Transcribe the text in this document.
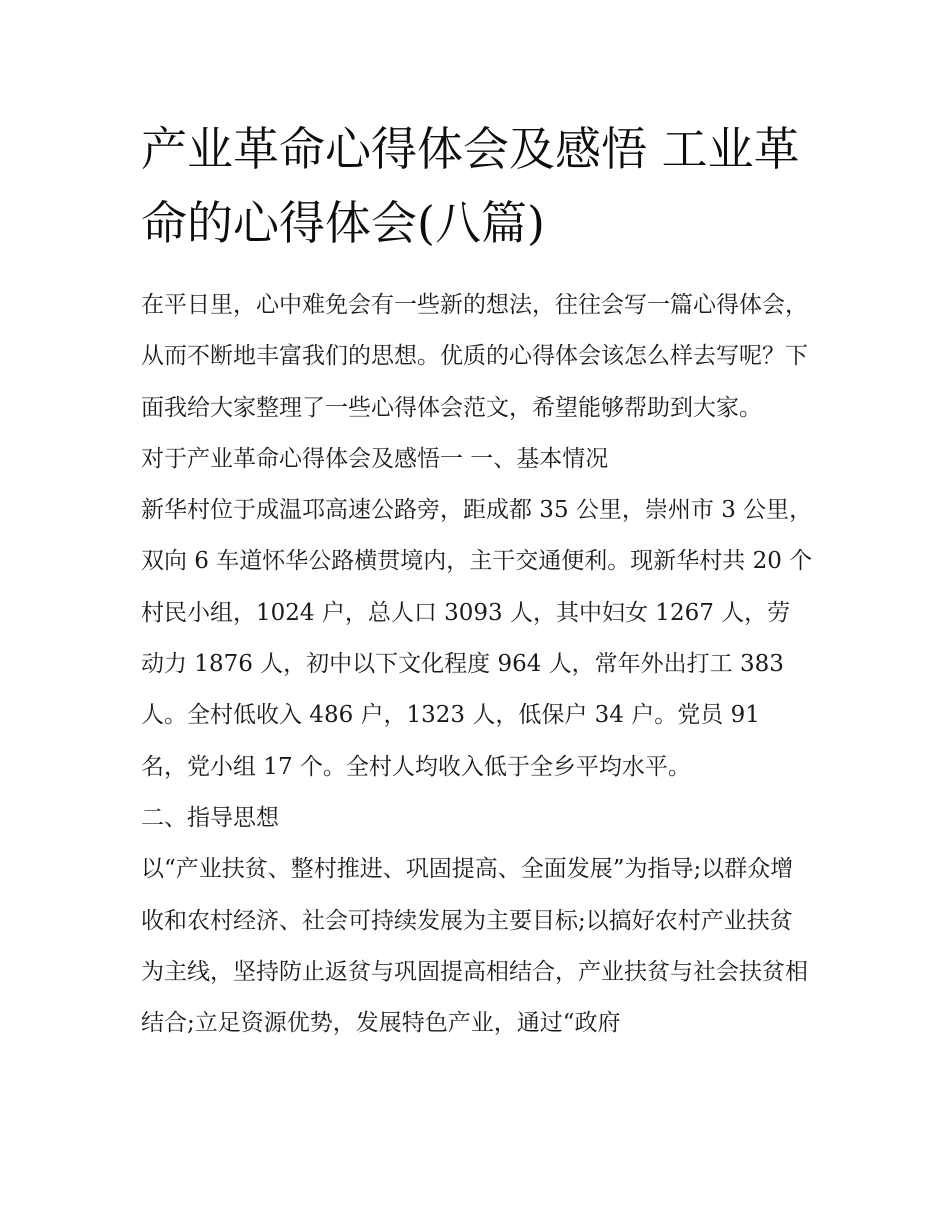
产业革命心得体会及感悟 工业革命的心得体会(八篇)

在平日里，心中难免会有一些新的想法，往往会写一篇心得体会，从而不断地丰富我们的思想。优质的心得体会该怎么样去写呢？下面我给大家整理了一些心得体会范文，希望能够帮助到大家。

对于产业革命心得体会及感悟一 一、基本情况

新华村位于成温邛高速公路旁，距成都 35 公里，崇州市 3 公里，双向 6 车道怀华公路横贯境内，主干交通便利。现新华村共 20 个村民小组，1024 户，总人口 3093 人，其中妇女 1267 人，劳动力 1876 人，初中以下文化程度 964 人，常年外出打工 383 人。全村低收入 486 户，1323 人，低保户 34 户。党员 91 名，党小组 17 个。全村人均收入低于全乡平均水平。

二、指导思想

以“产业扶贫、整村推进、巩固提高、全面发展”为指导;以群众增收和农村经济、社会可持续发展为主要目标;以搞好农村产业扶贫为主线，坚持防止返贫与巩固提高相结合，产业扶贫与社会扶贫相结合;立足资源优势，发展特色产业，通过“政府
